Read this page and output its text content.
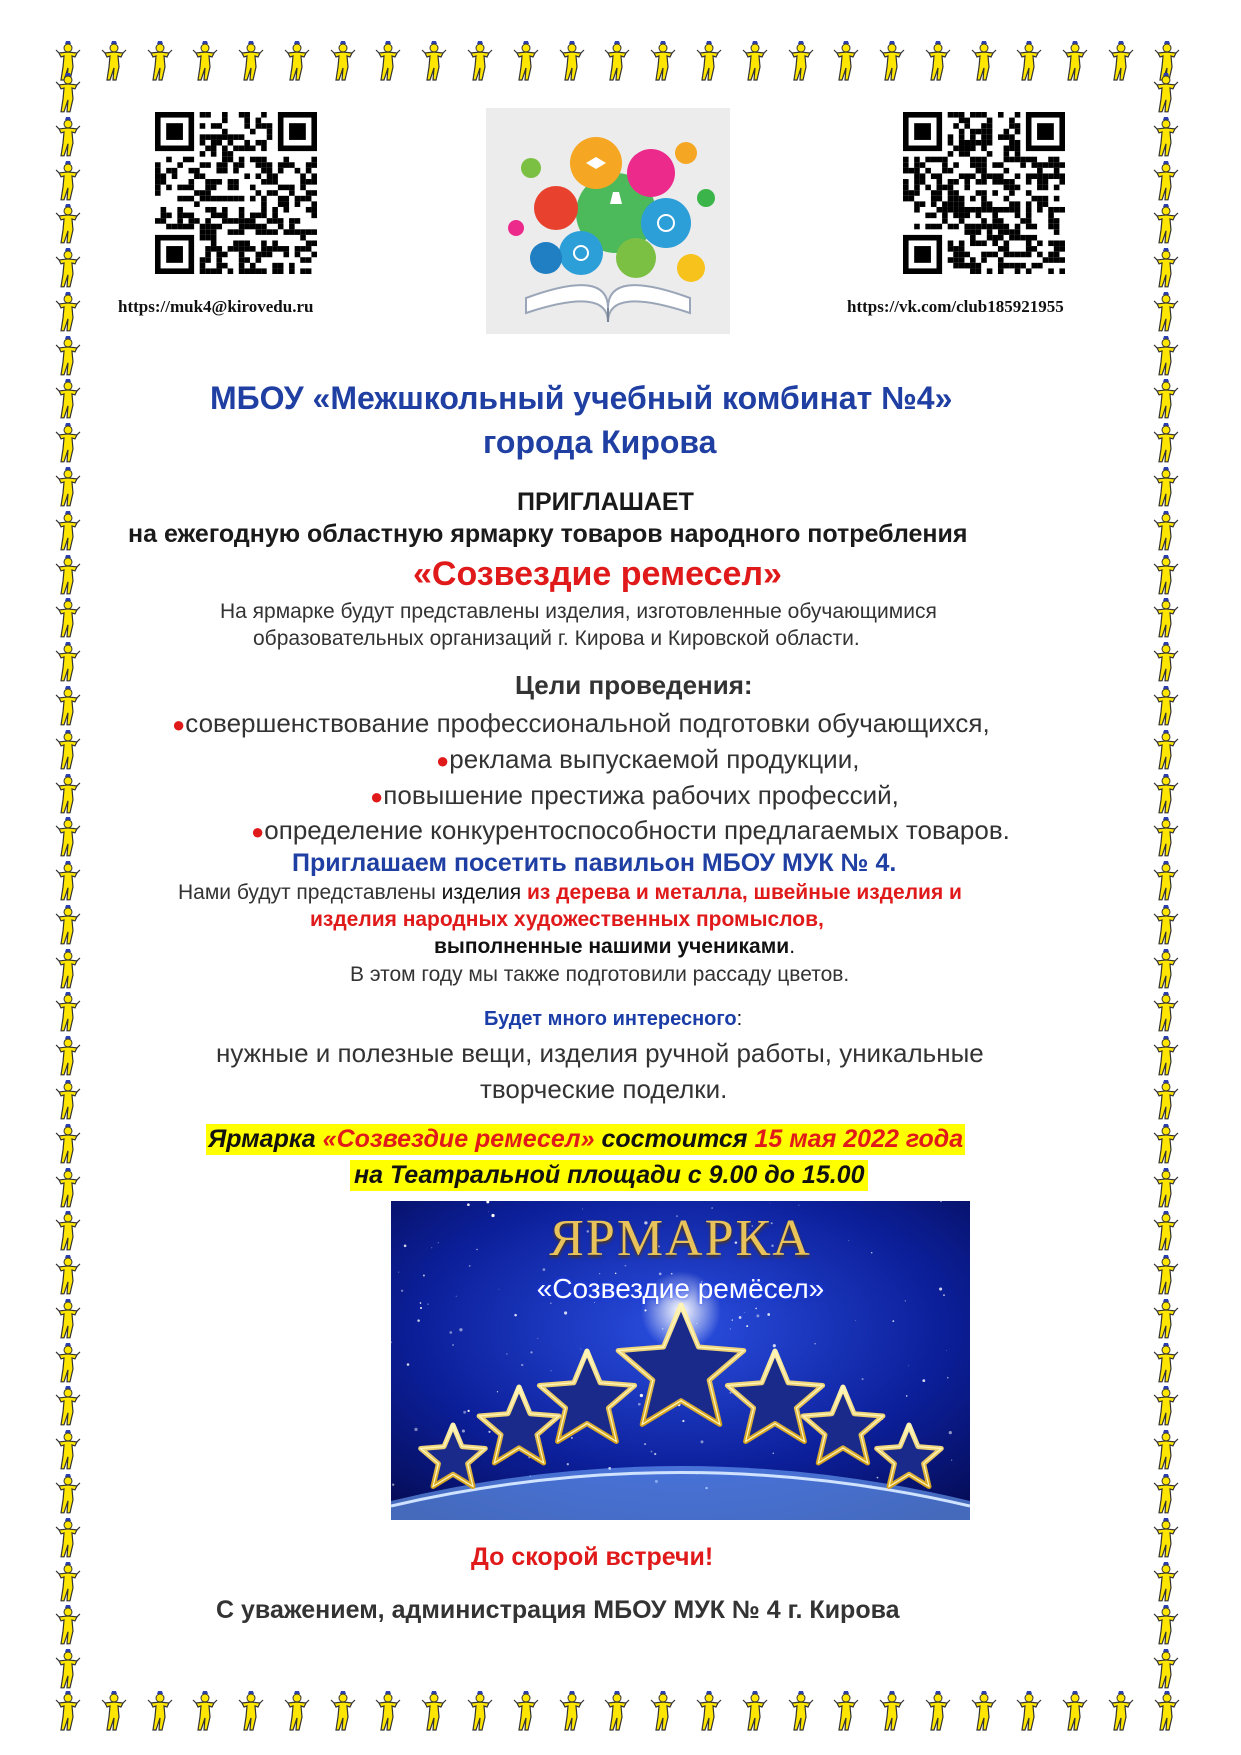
https://muk4@kirovedu.ru	https://vk.com/club185921955
МБОУ «Межшкольный учебный комбинат №4»
города Кирова
ПРИГЛАШАЕТ
на ежегодную областную ярмарку товаров народного потребления
«Созвездие ремесел»
На ярмарке будут представлены изделия, изготовленные обучающимися
образовательных организаций г. Кирова и Кировской области.
Цели проведения:
●совершенствование профессиональной подготовки обучающихся,
●реклама выпускаемой продукции,
●повышение престижа рабочих профессий,
●определение конкурентоспособности предлагаемых товаров.
Приглашаем посетить павильон МБОУ МУК № 4.
Нами будут представлены изделия из дерева и металла, швейные изделия и
изделия народных художественных промыслов,
выполненные нашими учениками.
В этом году мы также подготовили рассаду цветов.
Будет много интересного:
нужные и полезные вещи, изделия ручной работы, уникальные
творческие поделки.
Ярмарка «Созвездие ремесел» состоится 15 мая 2022 года
на Театральной площади с 9.00 до 15.00
ЯРМАРКА
«Созвездие ремёсел»
До скорой встречи!
С уважением, администрация МБОУ МУК № 4 г. Кирова
